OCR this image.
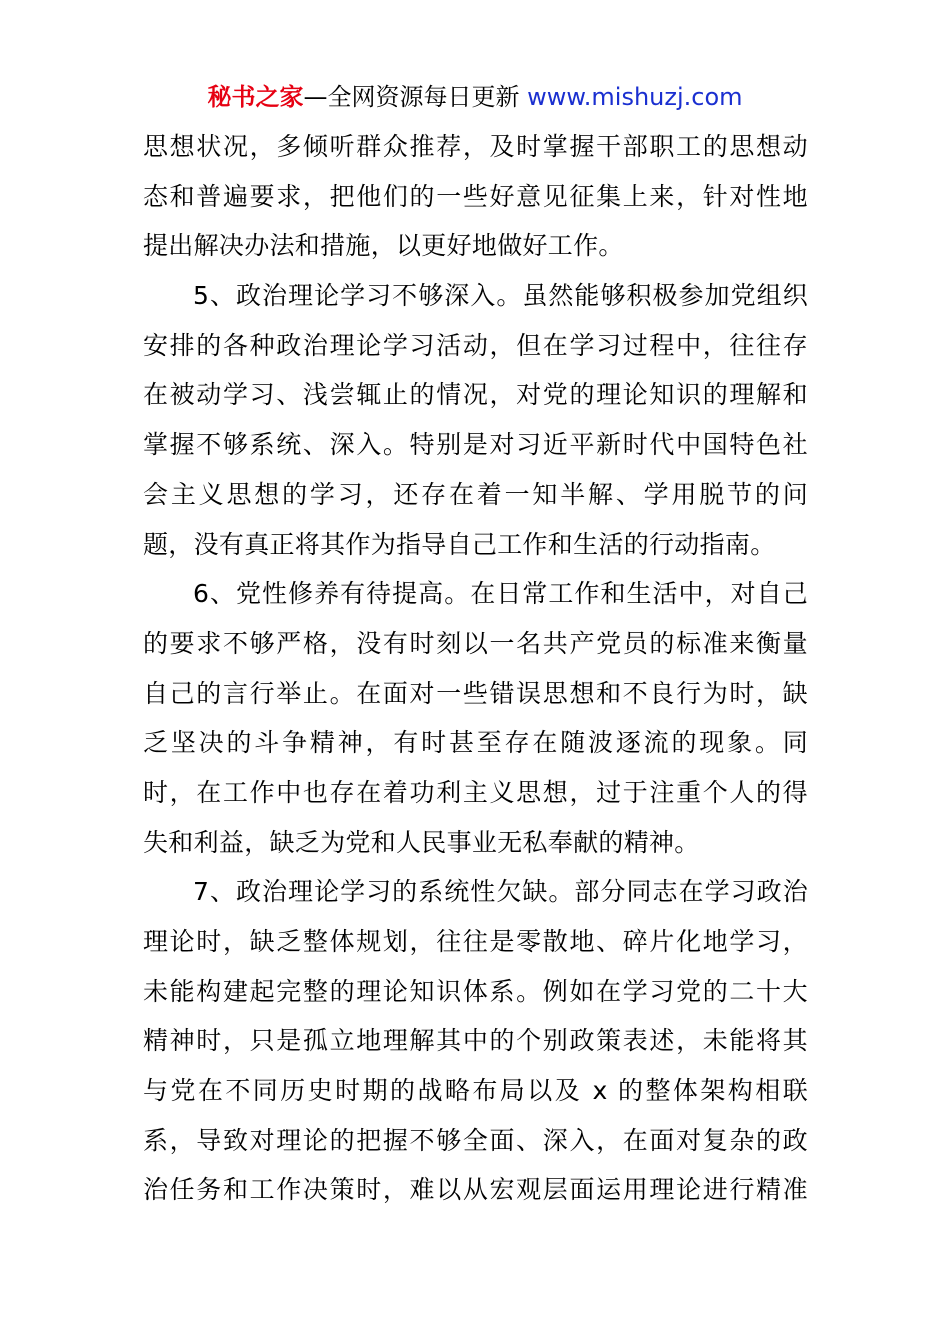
秘书之家—全网资源每日更新 www.mishuzj.com
思想状况，多倾听群众推荐，及时掌握干部职工的思想动
态和普遍要求，把他们的一些好意见征集上来，针对性地
提出解决办法和措施，以更好地做好工作。
5、政治理论学习不够深入。虽然能够积极参加党组织
安排的各种政治理论学习活动，但在学习过程中，往往存
在被动学习、浅尝辄止的情况，对党的理论知识的理解和
掌握不够系统、深入。特别是对习近平新时代中国特色社
会主义思想的学习，还存在着一知半解、学用脱节的问
题，没有真正将其作为指导自己工作和生活的行动指南。
6、党性修养有待提高。在日常工作和生活中，对自己
的要求不够严格，没有时刻以一名共产党员的标准来衡量
自己的言行举止。在面对一些错误思想和不良行为时，缺
乏坚决的斗争精神，有时甚至存在随波逐流的现象。同
时，在工作中也存在着功利主义思想，过于注重个人的得
失和利益，缺乏为党和人民事业无私奉献的精神。
7、政治理论学习的系统性欠缺。部分同志在学习政治
理论时，缺乏整体规划，往往是零散地、碎片化地学习，
未能构建起完整的理论知识体系。例如在学习党的二十大
精神时，只是孤立地理解其中的个别政策表述，未能将其
与党在不同历史时期的战略布局以及 x 的整体架构相联
系，导致对理论的把握不够全面、深入，在面对复杂的政
治任务和工作决策时，难以从宏观层面运用理论进行精准
